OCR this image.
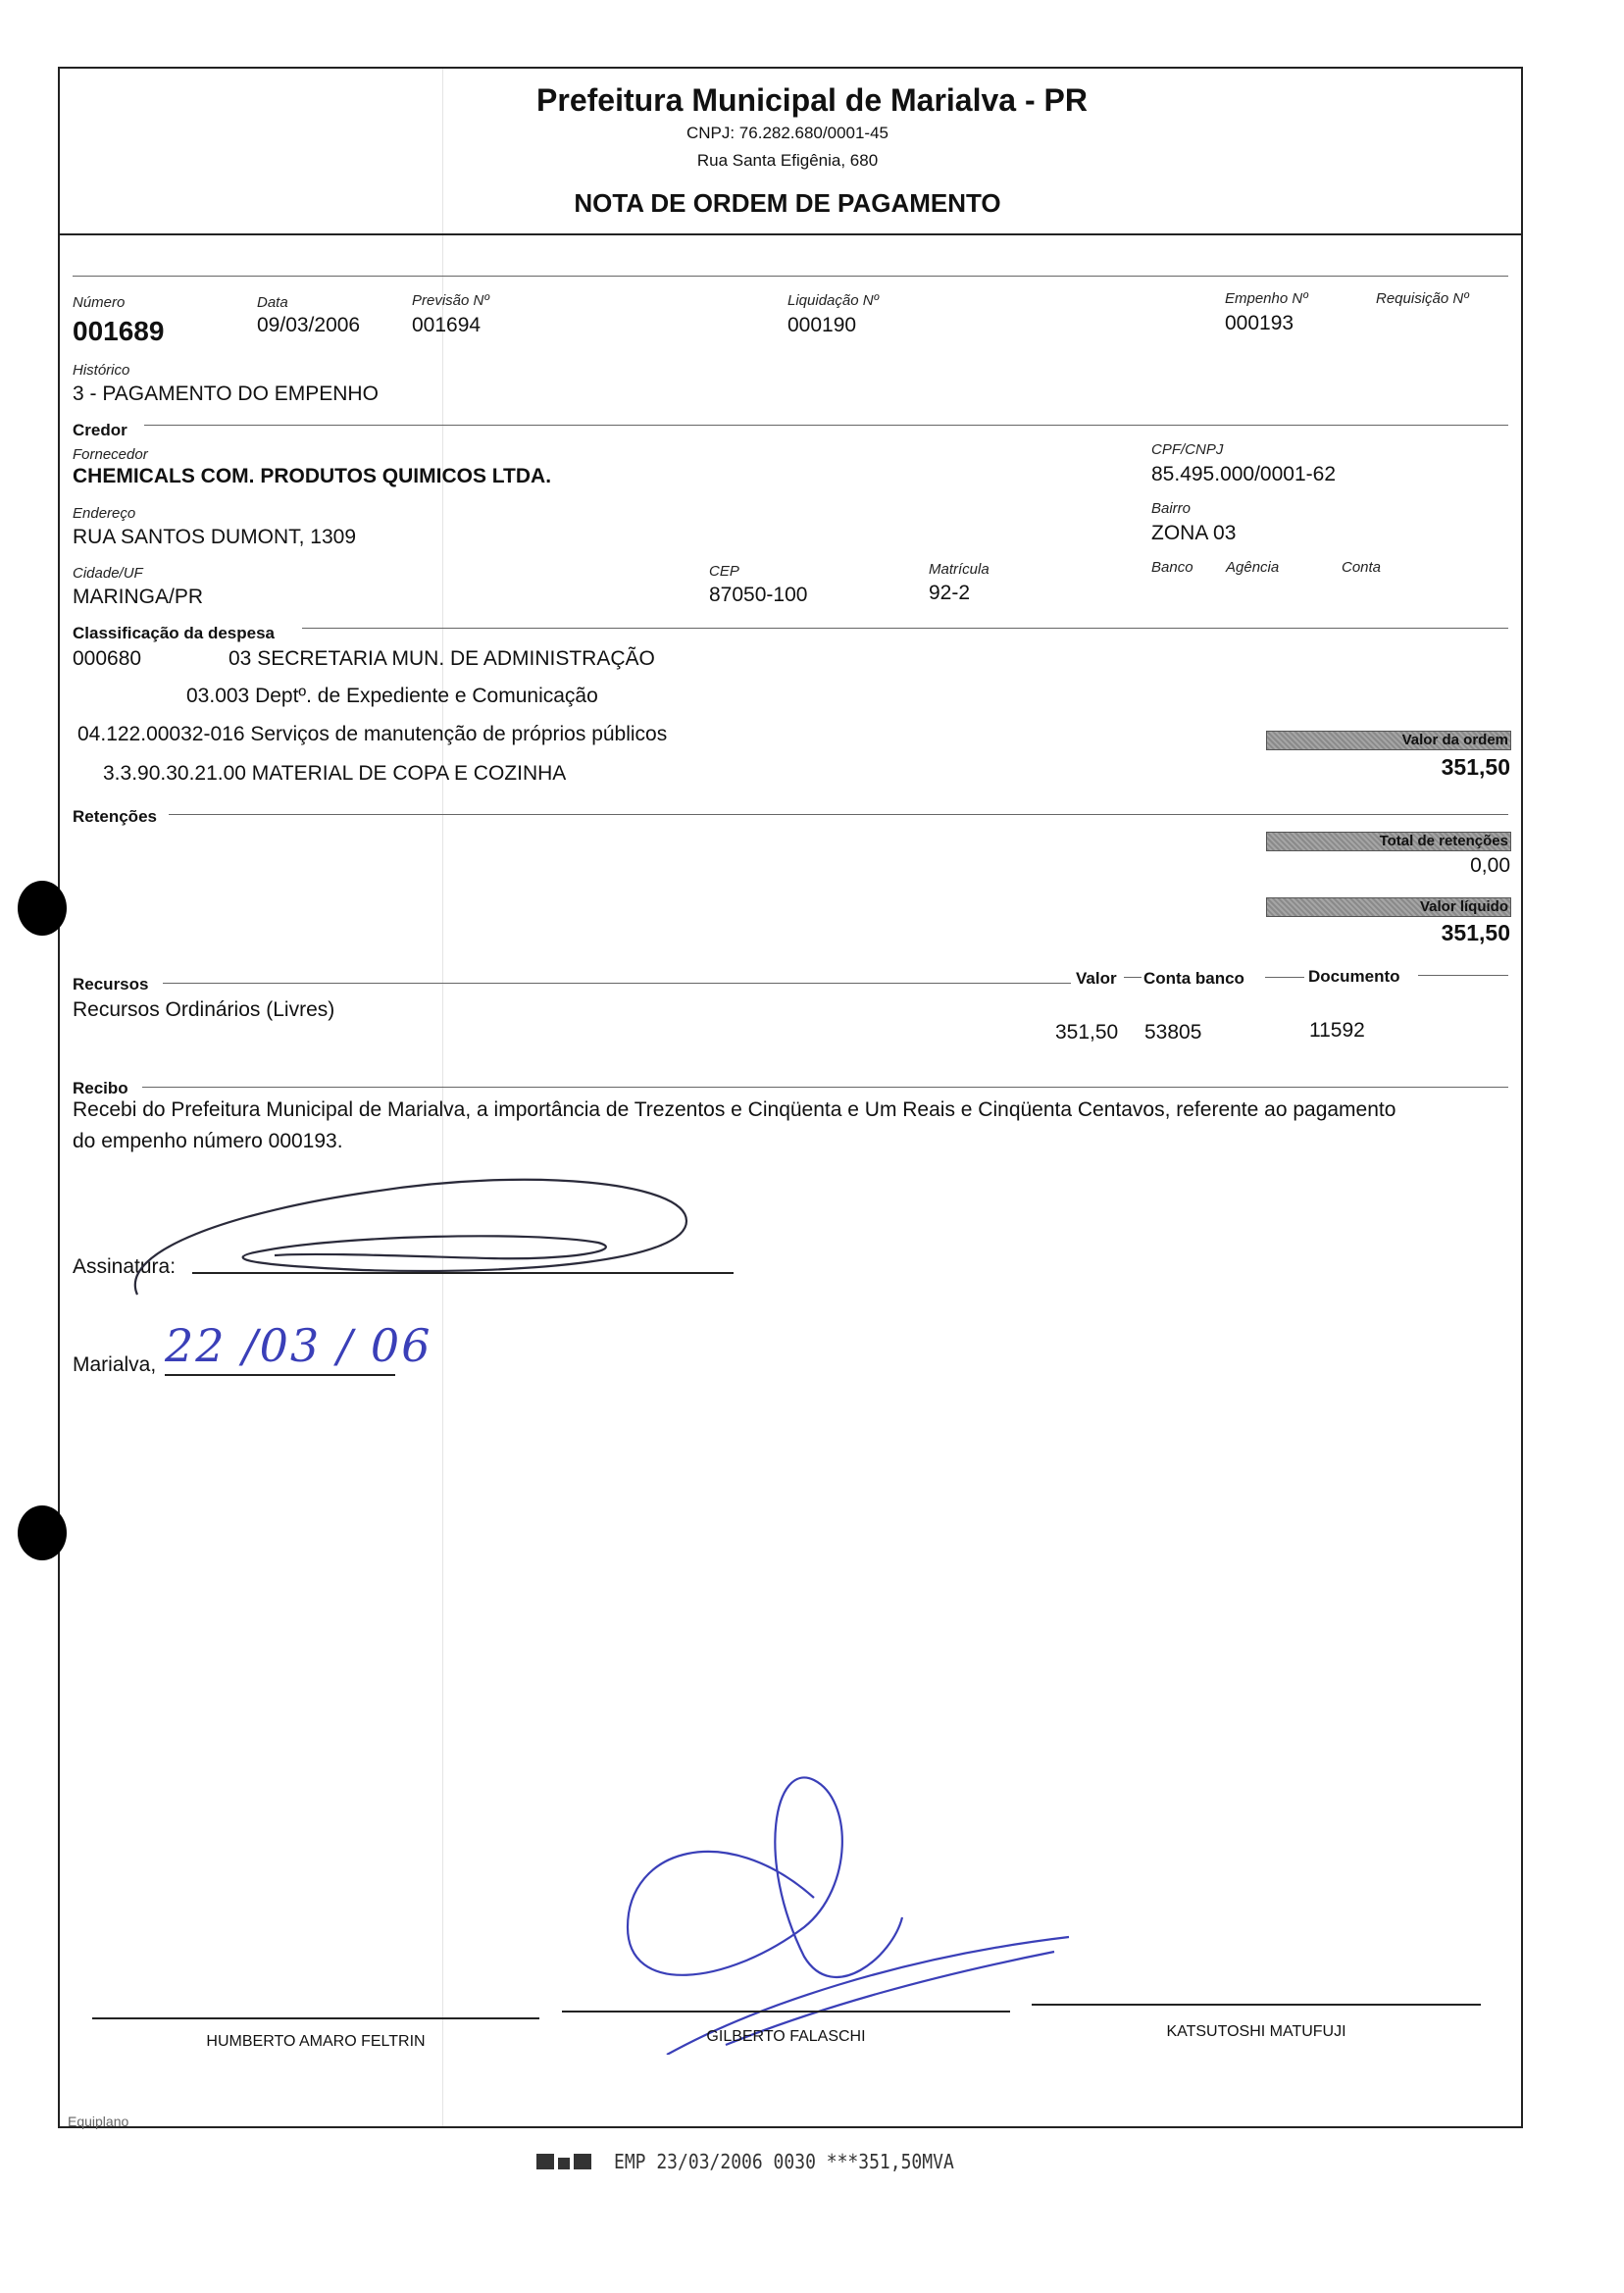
Prefeitura Municipal de Marialva - PR
CNPJ: 76.282.680/0001-45
Rua Santa Efigênia, 680
NOTA DE ORDEM DE PAGAMENTO
Número
001689
Data
09/03/2006
Previsão Nº
001694
Liquidação Nº
000190
Empenho Nº
000193
Requisição Nº
Histórico
3 - PAGAMENTO DO EMPENHO
Credor
Fornecedor
CHEMICALS COM. PRODUTOS QUIMICOS LTDA.
CPF/CNPJ
85.495.000/0001-62
Endereço
RUA SANTOS DUMONT, 1309
Bairro
ZONA 03
Cidade/UF
MARINGA/PR
CEP
87050-100
Matrícula
92-2
Banco Agência	Conta
Classificação da despesa
000680	03 SECRETARIA MUN. DE ADMINISTRAÇÃO
03.003 Deptº. de Expediente e Comunicação
04.122.00032-016 Serviços de manutenção de próprios públicos
3.3.90.30.21.00 MATERIAL DE COPA E COZINHA
Valor da ordem
351,50
Retenções
Total de retenções
0,00
Valor líquido
351,50
Recursos	Valor Conta banco	Documento
Recursos Ordinários (Livres)
351,50 53805	11592
Recibo
Recebi do Prefeitura Municipal de Marialva, a importância de Trezentos e Cinqüenta e Um Reais e Cinqüenta Centavos, referente ao pagamento
do empenho número 000193.
Assinatura:
Marialva, 22 /03 / 06
HUMBERTO AMARO FELTRIN	GILBERTO FALASCHI	KATSUTOSHI MATUFUJI
Equiplano
EMP 23/03/2006 0030 ***351,50MVA
